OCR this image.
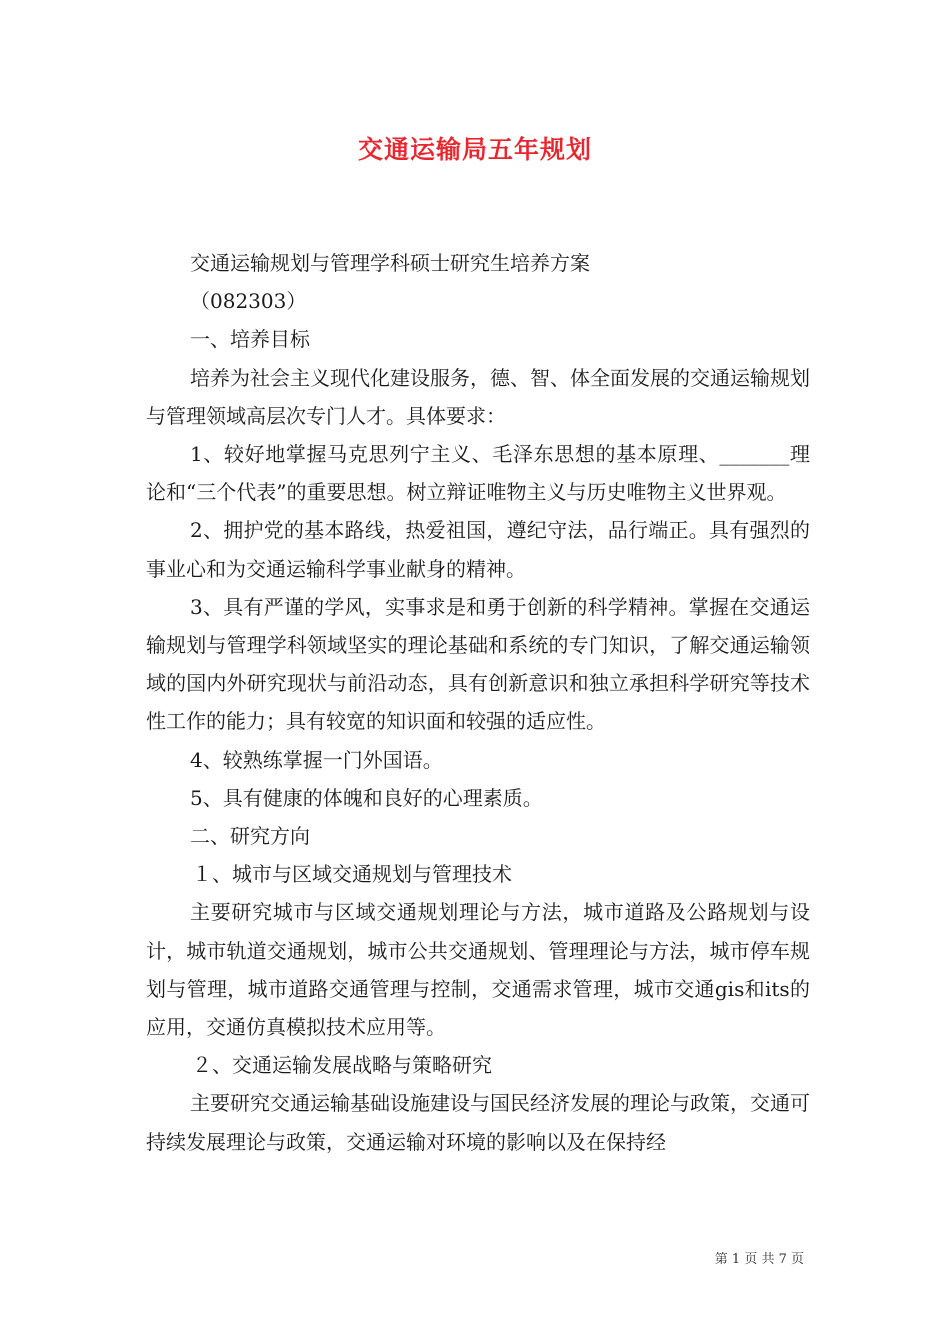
交通运输局五年规划

交通运输规划与管理学科硕士研究生培养方案

（082303）

一、培养目标

培养为社会主义现代化建设服务，德、智、体全面发展的交通运输规划与管理领域高层次专门人才。具体要求：

1、较好地掌握马克思列宁主义、毛泽东思想的基本原理、_______理论和“三个代表”的重要思想。树立辩证唯物主义与历史唯物主义世界观。

2、拥护党的基本路线，热爱祖国，遵纪守法，品行端正。具有强烈的事业心和为交通运输科学事业献身的精神。

3、具有严谨的学风，实事求是和勇于创新的科学精神。掌握在交通运输规划与管理学科领域坚实的理论基础和系统的专门知识，了解交通运输领域的国内外研究现状与前沿动态，具有创新意识和独立承担科学研究等技术性工作的能力；具有较宽的知识面和较强的适应性。

4、较熟练掌握一门外国语。

5、具有健康的体魄和良好的心理素质。

二、研究方向

１、城市与区域交通规划与管理技术

主要研究城市与区域交通规划理论与方法，城市道路及公路规划与设计，城市轨道交通规划，城市公共交通规划、管理理论与方法，城市停车规划与管理，城市道路交通管理与控制，交通需求管理，城市交通gis和its的应用，交通仿真模拟技术应用等。

２、交通运输发展战略与策略研究

主要研究交通运输基础设施建设与国民经济发展的理论与政策，交通可持续发展理论与政策，交通运输对环境的影响以及在保持经

第 1 页 共 7 页
